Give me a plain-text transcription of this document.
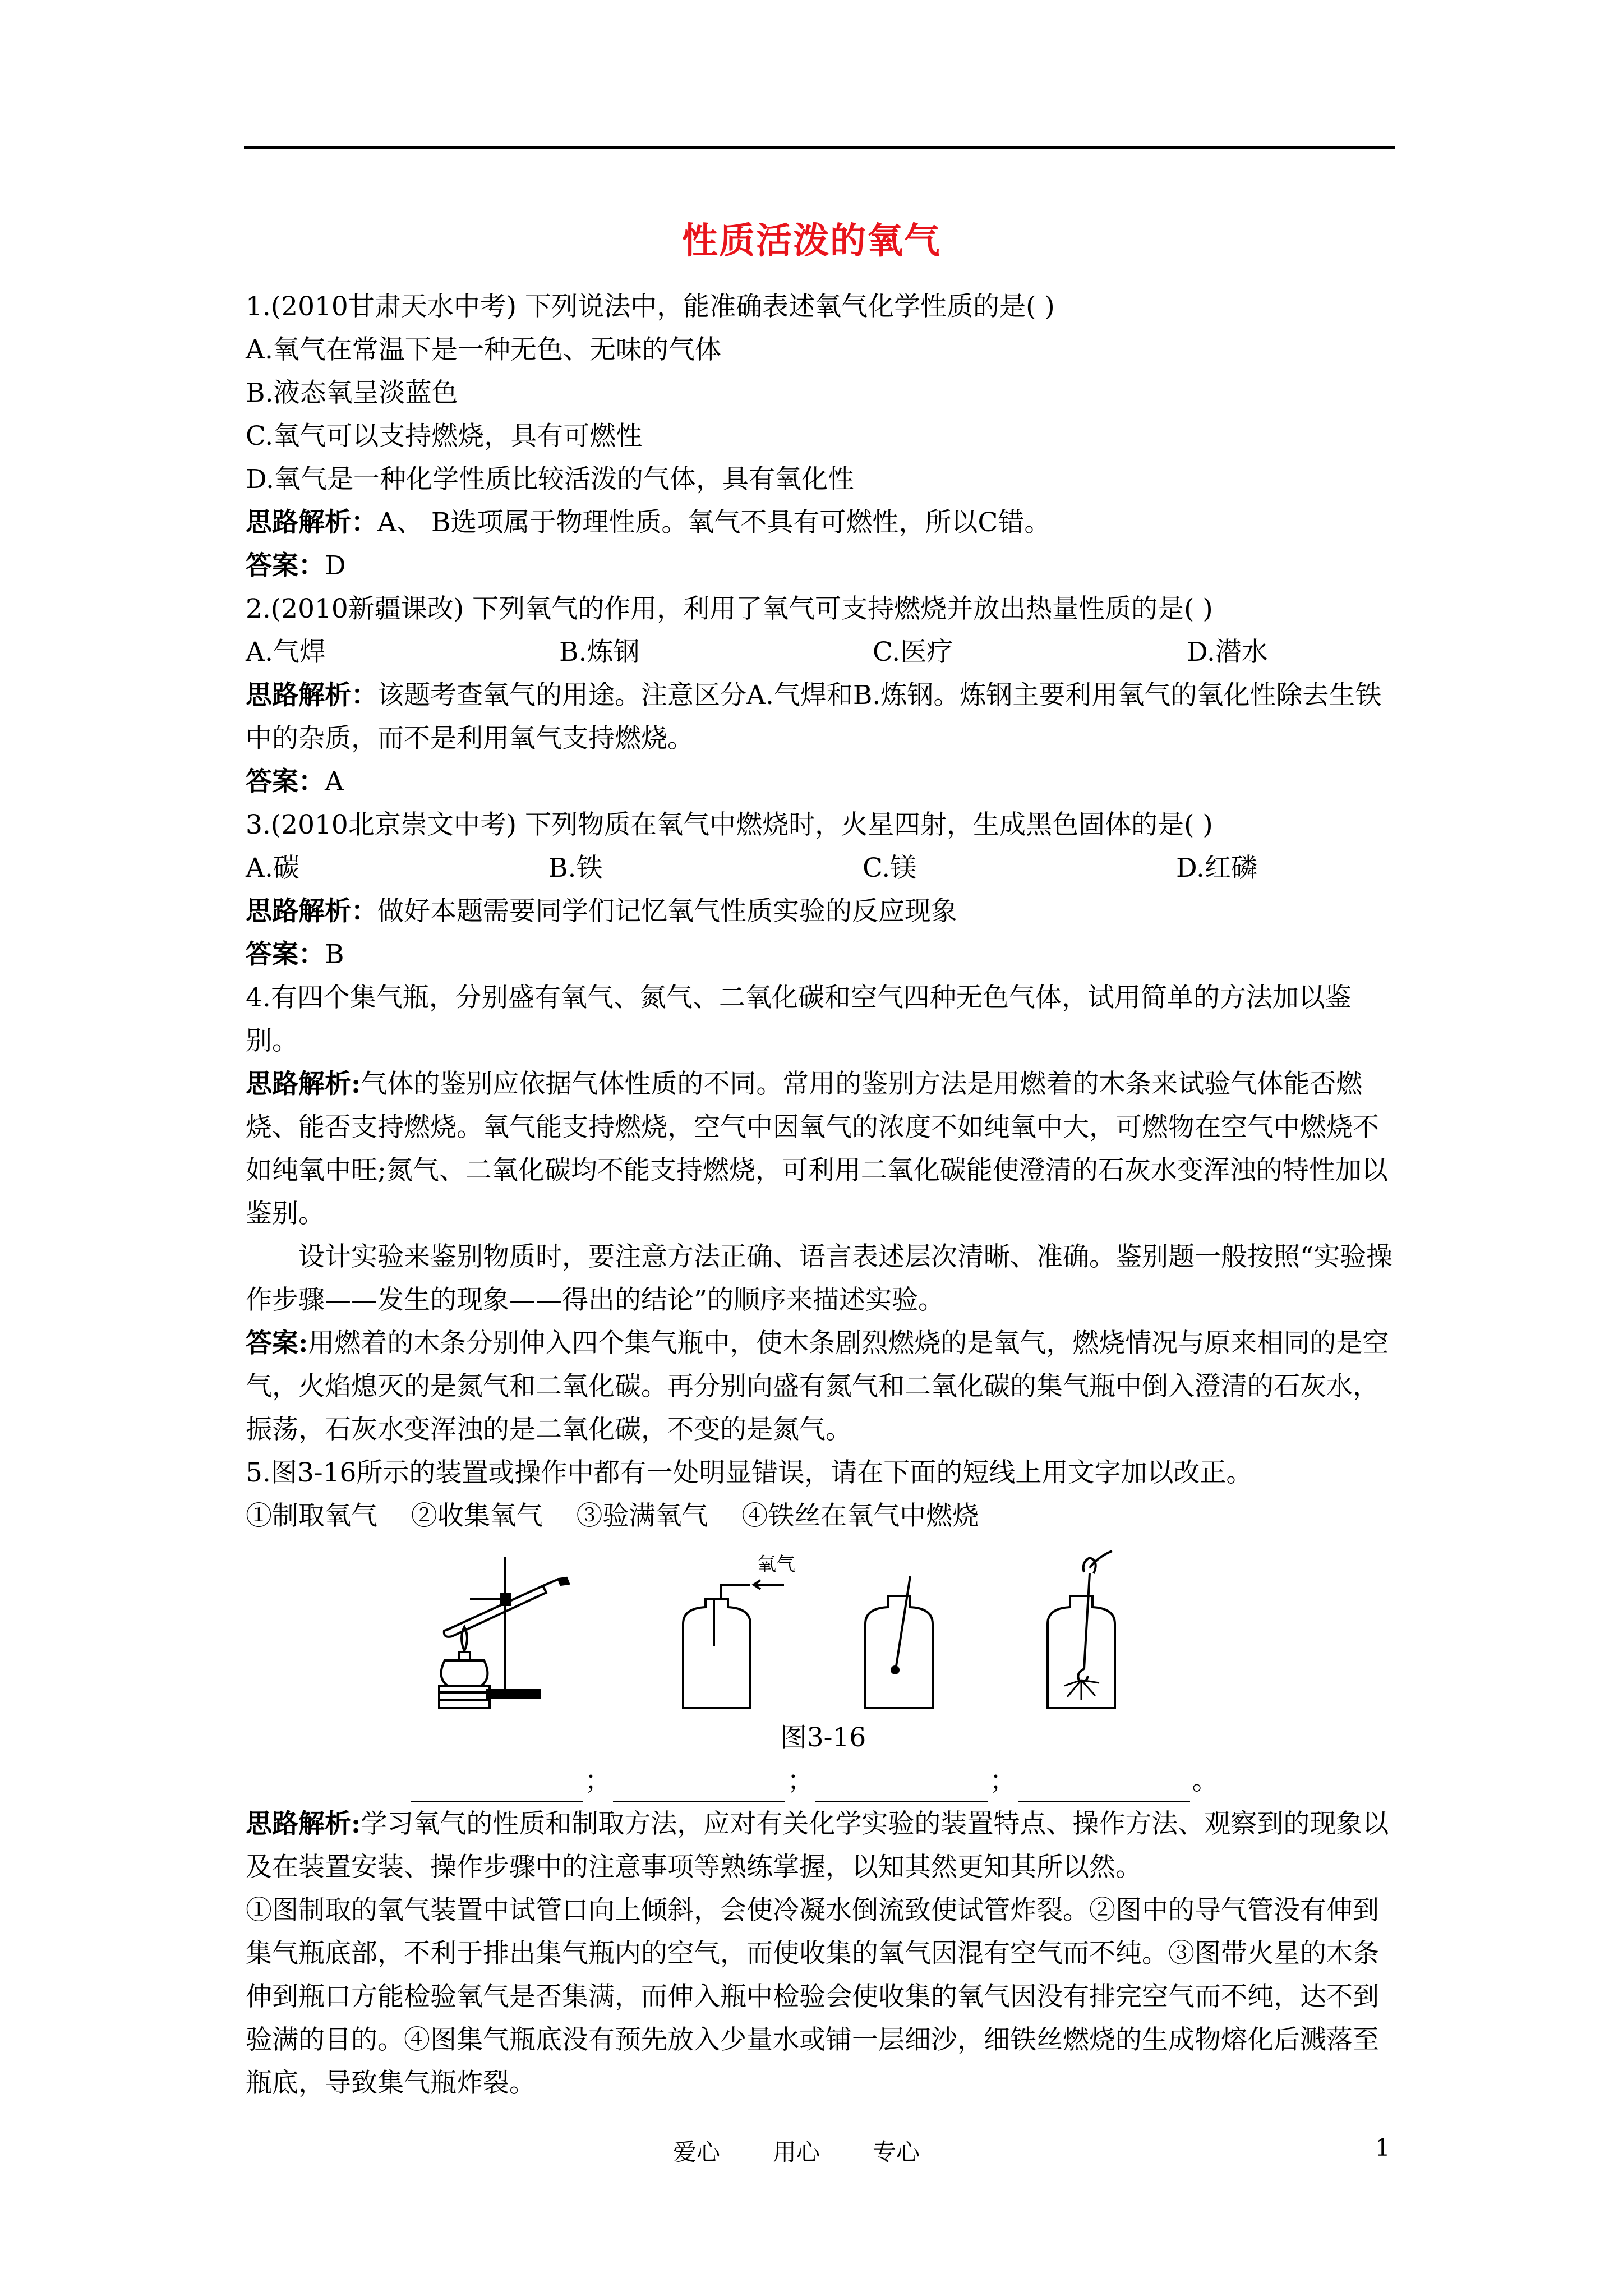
性质活泼的氧气
1.(2010甘肃天水中考) 下列说法中，能准确表述氧气化学性质的是( )
A.氧气在常温下是一种无色、无味的气体
B.液态氧呈淡蓝色
C.氧气可以支持燃烧，具有可燃性
D.氧气是一种化学性质比较活泼的气体，具有氧化性
思路解析：A、 B选项属于物理性质。氧气不具有可燃性，所以C错。
答案：D
2.(2010新疆课改) 下列氧气的作用，利用了氧气可支持燃烧并放出热量性质的是( )
A.气焊	B.炼钢	C.医疗	D.潜水
思路解析：该题考查氧气的用途。注意区分A.气焊和B.炼钢。炼钢主要利用氧气的氧化性除去生铁中的杂质，而不是利用氧气支持燃烧。
答案：A
3.(2010北京崇文中考) 下列物质在氧气中燃烧时，火星四射，生成黑色固体的是( )
A.碳	B.铁	C.镁	D.红磷
思路解析：做好本题需要同学们记忆氧气性质实验的反应现象
答案：B
4.有四个集气瓶，分别盛有氧气、氮气、二氧化碳和空气四种无色气体，试用简单的方法加以鉴别。
思路解析:气体的鉴别应依据气体性质的不同。常用的鉴别方法是用燃着的木条来试验气体能否燃烧、能否支持燃烧。氧气能支持燃烧，空气中因氧气的浓度不如纯氧中大，可燃物在空气中燃烧不如纯氧中旺;氮气、二氧化碳均不能支持燃烧，可利用二氧化碳能使澄清的石灰水变浑浊的特性加以鉴别。
设计实验来鉴别物质时，要注意方法正确、语言表述层次清晰、准确。鉴别题一般按照“实验操作步骤——发生的现象——得出的结论”的顺序来描述实验。
答案:用燃着的木条分别伸入四个集气瓶中，使木条剧烈燃烧的是氧气，燃烧情况与原来相同的是空气，火焰熄灭的是氮气和二氧化碳。再分别向盛有氮气和二氧化碳的集气瓶中倒入澄清的石灰水，振荡，石灰水变浑浊的是二氧化碳，不变的是氮气。
5.图3-16所示的装置或操作中都有一处明显错误，请在下面的短线上用文字加以改正。
①制取氧气    ②收集氧气    ③验满氧气    ④铁丝在氧气中燃烧
氧气
图3-16
；	；	；	。
思路解析:学习氧气的性质和制取方法，应对有关化学实验的装置特点、操作方法、观察到的现象以及在装置安装、操作步骤中的注意事项等熟练掌握，以知其然更知其所以然。
①图制取的氧气装置中试管口向上倾斜，会使冷凝水倒流致使试管炸裂。②图中的导气管没有伸到集气瓶底部，不利于排出集气瓶内的空气，而使收集的氧气因混有空气而不纯。③图带火星的木条伸到瓶口方能检验氧气是否集满，而伸入瓶中检验会使收集的氧气因没有排完空气而不纯，达不到验满的目的。④图集气瓶底没有预先放入少量水或铺一层细沙，细铁丝燃烧的生成物熔化后溅落至瓶底，导致集气瓶炸裂。
爱心 用心 专心	1
